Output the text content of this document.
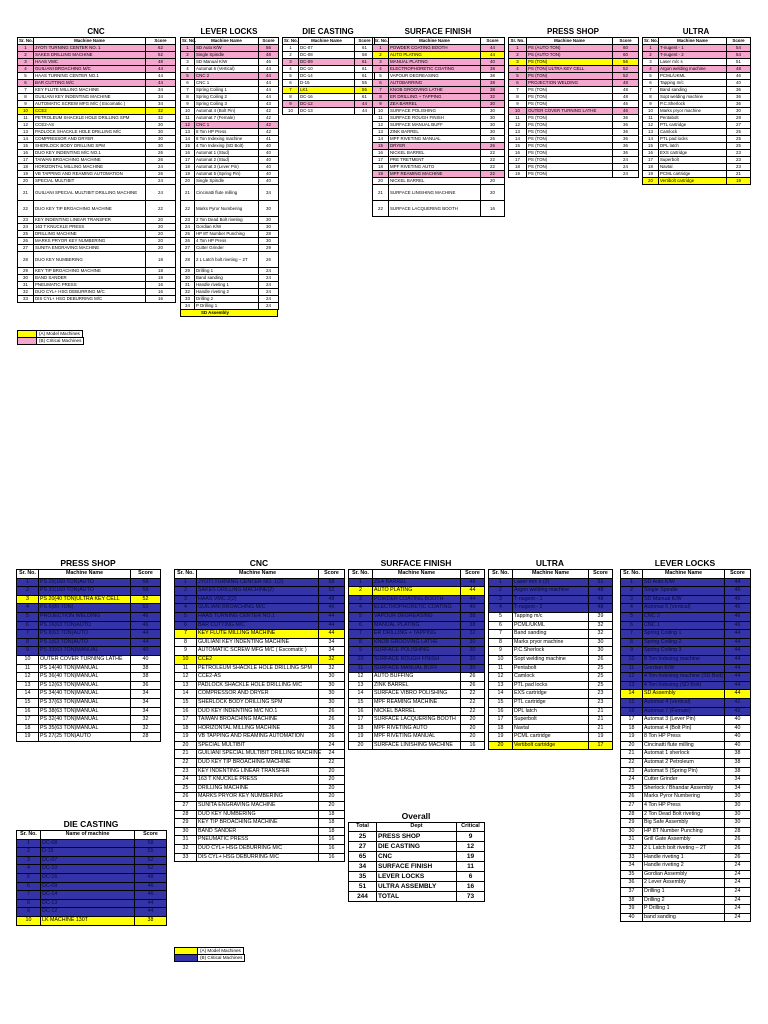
CNC
Sr. No.	Machine Name	Score
1	JYOTI TURNING CENTER NO. 1	62
2	SAKES DRILLING MACHINE	52
3	HAAS VMC	48
4	GUILIANI BROACHING M/C	44
5	HAAS TURNING CENTER NO.1	44
6	BAR CUTTING M/C	44
7	KEY FLUTE MILLING MACHINE	34
8	GUILIANI KEY INDENTING MACHINE	34
9	AUTOMATIC SCREW MFG M/C ( Escomatic )	34
10	CCE2	32
11	PETROLEUM SHACKLE HOLE DRILLING SPM	32
12	CCE2-AS	30
13	PADLOCK SHACKLE HOLE DRILLING M/C	30
14	COMPRESSOR AND DRYER	30
15	SHERLOCK BODY DRILLING SPM	30
16	DUO KEY INDENTING M/C NO.1	26
17	TAIWAN BROACHING MACHINE	26
18	HORIZONTAL MILLING MACHINE	24
19	VB TAPPING AND REAMING AUTOMATION	26
20	SPECIAL MULTIBIT	24
21	GUILIANI SPECIAL MULTIBIT DRILLING MACHINE	24
22	DUO KEY TIP BROACHING MACHINE	22
23	KEY INDENTING LINEAR TRANSFER	20
24	163 T KNUCKLE PRESS	20
25	DRILLING MACHINE	20
26	MARKS PRYOR KEY NUMBERING	20
27	SUNITA ENGRAVING MACHINE	20
28	DUO KEY NUMBERING	18
29	KEY TIP BROACHING MACHINE	18
30	BAND SANDER	18
31	PNEUMATIC PRESS	16
32	DUO CYL+ HSG DEBURRING M/C	16
33	DIS CYL+ HSG DEBURRING M/C	16
LEVER LOCKS
Sr. No.	Machine Name	Score
1	SD Auto K/W	56
2	Single Spindle	48
3	SD Manual K/W	46
4	Automat 6 (Vertical)	44
5	CNC 2	44
6	CNC 1	44
7	Spring Coiling 1	44
8	Spring Coiling 2	44
9	Spring Coiling 3	43
10	Automat 4 (Bolt Pin)	42
11	Automat 7 (Female)	42
12	CNC 1	42
13	8 Ton HP Press	42
14	8 Ton Indexing machine	41
15	4 Ton Indexing (SD Bolt)	40
16	Automat 1 (Stud)	40
17	Automat 2 (Stud)	40
18	Automat 3 (Lever Pin)	40
19	Automat 5 (Spring Pin)	40
20	Single Spindle	40
21	Cincinatti flute milling	34
22	Marks Pyror Numbering	30
23	2 Ton Dead Bolt riveting	30
24	Gordian K/W	30
25	HP 8T Number Punching	28
26	4 Ton HP Press	30
27	Cutter Grinder	29
28	2 L Latch bolt riveting – 2T	26
29	Drilling 1	24
30	Band sanding	24
31	Handle riveting 1	24
32	Handle riveting 2	24
33	Drilling 2	24
34	P Drilling 1	24
SD Assembly
DIE CASTING
Sr. No.	Machine Name	Score
1	DC-07	61
2	DC-08	58
3	DC-09	61
4	DC-10	61
5	DC-14	61
6	D-15	55
7	LK1	55
8	DC-16	61
9	DC-12	44
10	DC-13	44
SURFACE FINISH
Sr. No.	Machine Name	Score
1	POWDER COATING BOOTH	44
2	AUTO PLATING	44
3	MANUAL PLATING	40
4	ELECTROPHORETIC COATING	38
5	VAPOUR DEGREASING	38
6	AUTOBARRING	38
7	KNOB GROOVING LATHE	38
8	ER DRILLING + TAPPING	32
9	ZEA BARREL	30
10	SURFACE POLISHING	30
11	SURFACE ROUGH FINISH	30
12	SURFACE MANUAL BUFF	30
13	ZINK BARREL	30
14	MPF RIVETING MANUAL	26
15	DRYER	26
16	NICKEL BARREL	22
17	PRE TRETMENT	22
18	MPF RIVETING AUTO	22
19	MPF REAMING MACHINE	22
20	NICKEL BARREL	20
21	SURFACE LINISHING MACHINE	20
22	SURFACE LACQUERING BOOTH	16
PRESS SHOP
Sr. No.	Machine Name	Score
1	PS (AUTO TON)	60
2	PS (AUTO TON)	60
3	PS (TON)	56
4	PS (TON) ULTRA KEY CELL	52
5	PS (TON)	52
6	PROJECTION WELDING	48
7	PS (TON)	48
8	PS (TON)	48
9	PS (TON)	46
10	OUTER COVER TURNING LATHE	46
11	PS (TON)	36
12	PS (TON)	36
13	PS (TON)	36
14	PS (TON)	36
15	PS (TON)	36
16	PS (TON)	36
17	PS (TON)	24
18	PS (TON)	24
19	PS (TON)	24
ULTRA
Sr. No.	Machine Name	Score
1	T-nugent - 1	54
2	T-nugent - 2	54
3	Laser m/c s	51
4	Argon welding machine	48
5	PCML/UKML	46
6	Tapping m/c	40
7	Band sanding	36
8	Sopt welding machine	36
9	P.C.Sherlock	36
10	Marks pryor machine	30
11	Pentabolt	28
12	PTL cartridge	27
13	Camlock	25
14	PTL pad locks	25
15	DPL latch	25
16	EXS cartridge	23
17	Superbolt	23
18	Navtal	23
19	PCML cartridge	21
20	Vertibolt cartridge	19
(A) Model Machines
(B) Critical Machines
PRESS SHOP
Sr. No.	Machine Name	Score
1	PS 25(160 TON)AUTO	58
2	PS 31(160 TON)AUTO	58
3	PS 20(40 TON)ULTRA KEY CELL	52
4	PS 6(80 TON)	52
5	PROJECTION WELDING	46
6	PS 16(63 TON)AUTO	46
7	PS 8(63 TON)AUTO	44
8	PS 1(63 TON)AUTO	44
9	PS 33(63 TON)MANUAL	40
10	OUTER COVER TURNING LATHE	40
11	PS 14(40 TON)MANUAL	38
12	PS 36(40 TON)MANUAL	38
13	PS 12(63 TON)MANUAL	36
14	PS 34(40 TON)MANUAL	34
15	PS 37(63 TON)MANUAL	34
16	PS 38(63 TON)MANUAL	34
17	PS 32(40 TON)MANUAL	32
18	PS 35(63 TON)MANUAL	32
19	PS 27(25 TON)AUTO	28
CNC
Sr. No.	Machine Name	Score
1	JYOTI TURNING CENTER NO. 1(2)	58
2	SAKES DRILLING MACHINE(2)	52
3	HAAS VMC 2(2)	48
4	GUILIANI BROACHING M/C	46
5	HAAS TURNING CENTER NO.1	44
6	BAR CUTTING M/C	44
7	KEY FLUTE MILLING MACHINE	44
8	GUILIANI KEY INDENTING MACHINE	34
9	AUTOMATIC SCREW MFG M/C ( Escomatic )	34
10	CCE2	32
11	PETROLEUM SHACKLE HOLE DRILLING SPM	32
12	CCE2-AS	30
13	PADLOCK SHACKLE HOLE DRILLING M/C	30
14	COMPRESSOR AND DRYER	30
15	SHERLOCK BODY DRILLING SPM	30
16	DUO KEY INDENTING M/C NO.1	26
17	TAIWAN BROACHING MACHINE	26
18	HORIZONTAL MILLING MACHINE	26
19	VB TAPPING AND REAMING AUTOMATION	26
20	SPECIAL MULTIBIT	24
21	GUILIANI SPECIAL MULTIBIT DRILLING MACHINE	24
22	DUO KEY TIP BROACHING MACHINE	22
23	KEY INDENTING LINEAR TRANSFER	20
24	163 T KNUCKLE PRESS	20
25	DRILLING MACHINE	20
26	MARKS PRYOR KEY NUMBERING	20
27	SUNITA ENGRAVING MACHINE	20
28	DUO KEY NUMBERING	18
29	KEY TIP BROACHING MACHINE	18
30	BAND SANDER	18
31	PNEUMATIC PRESS	16
32	DUO CYL+ HSG DEBURRING M/C	16
33	DIS CYL+ HSG DEBURRING M/C	16
SURFACE FINISH
Sr. No.	Machine Name	Score
1	ZEA BARREL	48
2	AUTO PLATING	44
3	POWDER COATING BOOTH	44
4	ELECTROPHORETIC COATING	40
5	VAPOUR DEGREASING	38
6	MANUAL PLATING	38
7	ER DRILLING + TAPPING	32
8	KNOB GROOVING LATHE	30
9	SURFACE POLISHING	30
10	SURFACE ROUGH FINISH	30
11	SURFACE MANUAL BUFF	30
12	AUTO BUFFING	26
13	ZINK BARREL	26
14	SURFACE VIBRO POLISHING	22
15	MPF REAMING MACHINE	22
16	NICKEL BARREL	22
17	SURFACE LACQUERING BOOTH	20
18	MPF RIVETING AUTO	20
19	MPF RIVETING MANUAL	20
20	SURFACE LINISHING MACHINE	16
ULTRA
Sr. No.	Machine Name	Score
1	Laser m/c s (2)	51
2	Argon welding machine	48
3	T-nugent - 1	48
4	T-nugent - 2	48
5	Tapping m/c	39
6	PCML/UKML	32
7	Band sanding	32
8	Marks pryor machine	30
9	P.C.Sherlock	30
10	Sopt welding machine	26
11	Pentabolt	25
12	Camlock	25
13	PTL pad locks	25
14	EXS cartridge	23
15	PTL cartridge	23
16	DPL latch	21
17	Superbolt	21
18	Navtal	21
19	PCML cartridge	19
20	Vertibolt cartridge	17
LEVER LOCKS
Sr. No.	Machine Name	Score
1	SD Auto K/W	44
2	Single Spindle	46
3	SD Manual K/W	46
4	Automat 6 (Vertical)	46
5	CNC 2	46
6	CNC 1	46
7	Spring Coiling 1	44
8	Spring Coiling 2	44
9	Spring Coiling 3	44
10	8 Ton Indexing machine	44
11	Gordian K/W	44
12	4 Ton Indexing machine (SD Bolt)	44
13	4 Ton Indexing (SD Bolt)	44
14	SD Assembly	44
15	Automat 4 (Vertical)	42
16	Automat 7 (Female)	42
17	Automat 3 (Lever Pin)	40
18	Automat 4 (Bolt Pin)	40
19	8 Ton HP Press	40
20	Cincinatti flute milling	40
21	Automat 1 sherlock	38
22	Automat 2 Petroleum	38
23	Automat 5 (Spring Pin)	38
24	Cutter Grinder	34
25	Sherlock / Bhandar Assembly	34
26	Marks Pyror Numbering	30
27	4 Ton HP Press	30
28	2 Ton Dead Bolt riveting	30
29	Big Safe Assembly	30
30	HP 8T Number Punching	28
31	Grill Gate Assembly	26
32	2 L Latch bolt riveting – 2T	26
33	Handle riveting 1	26
34	Handle riveting 2	24
35	Gordian Assembly	24
36	2 Lever Assembly	24
37	Drilling 1	24
38	Drilling 2	24
39	P Drilling 1	24
40	band sanding	24
DIE CASTING
Sr. No.	Name of machine	Score
1	DC-08	58
2	D-15	55
3	DC-07	52
4	DC-10	52
5	DC-16	48
6	DC-09	46
7	DC-14	46
8	DC-13	44
9	DC-12	44
10	LK MACHINE 130T	38
Overall
Total	Dept	Critical
25	PRESS SHOP	9
27	DIE CASTING	12
65	CNC	19
34	SURFACE FINISH	11
35	LEVER LOCKS	6
51	ULTRA ASSEMBLY	16
244	TOTAL	73
(A) Model Machines
(B) Critical Machines
